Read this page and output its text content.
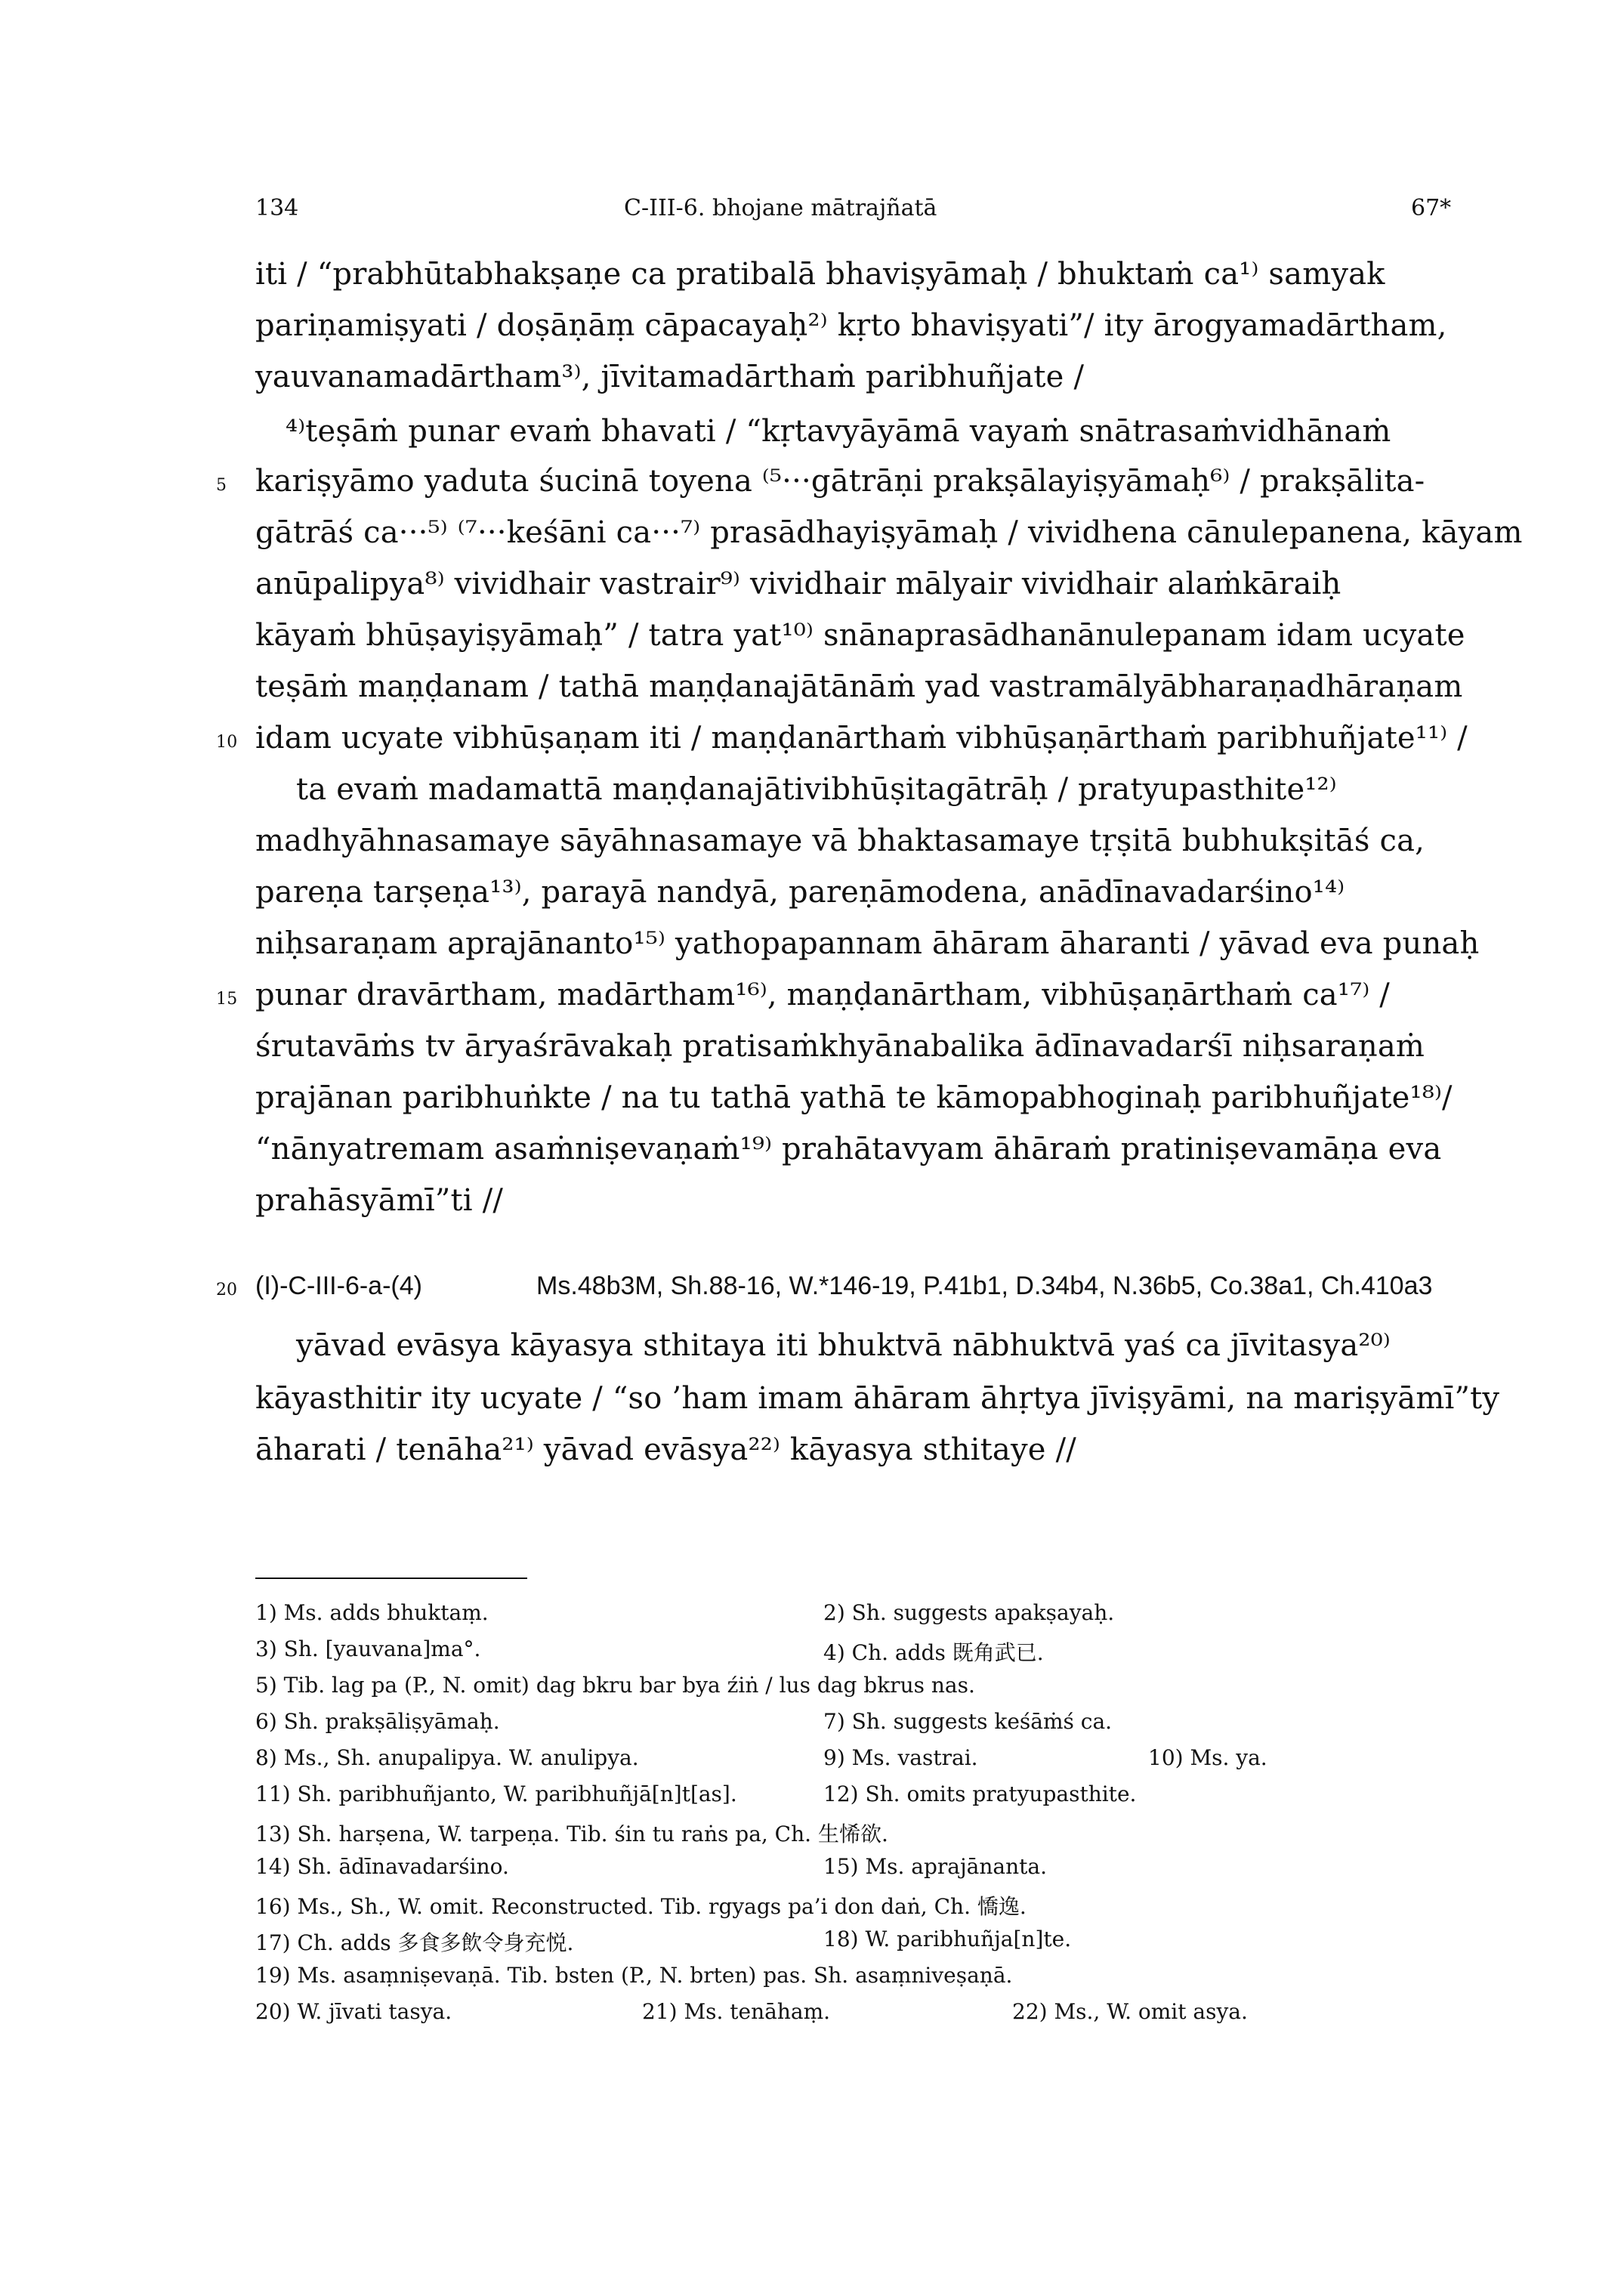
134	C-III-6. bhojane mātrajñatā	67*
iti / “prabhūtabhakṣaṇe ca pratibalā bhaviṣyāmaḥ / bhuktaṁ ca¹⁾ samyak
pariṇamiṣyati / doṣāṇāṃ cāpacayaḥ²⁾ kṛto bhaviṣyati”/ ity ārogyamadārtham,
yauvanamadārtham³⁾, jīvitamadārthaṁ paribhuñjate /
⁴⁾teṣāṁ punar evaṁ bhavati / “kṛtavyāyāmā vayaṁ snātrasaṁvidhānaṁ
5 kariṣyāmo yaduta śucinā toyena ⁽⁵···gātrāṇi prakṣālayiṣyāmaḥ⁶⁾ / prakṣālita-
gātrāś ca···⁵⁾ ⁽⁷···keśāni ca···⁷⁾ prasādhayiṣyāmaḥ / vividhena cānulepanena, kāyam
anūpalipya⁸⁾ vividhair vastrair⁹⁾ vividhair mālyair vividhair alaṁkāraiḥ
kāyaṁ bhūṣayiṣyāmaḥ” / tatra yat¹⁰⁾ snānaprasādhanānulepanam idam ucyate
teṣāṁ maṇḍanam / tathā maṇḍanajātānāṁ yad vastramālyābharaṇadhāraṇam
10 idam ucyate vibhūṣaṇam iti / maṇḍanārthaṁ vibhūṣaṇārthaṁ paribhuñjate¹¹⁾ /
ta evaṁ madamattā maṇḍanajātivibhūṣitagātrāḥ / pratyupasthite¹²⁾
madhyāhnasamaye sāyāhnasamaye vā bhaktasamaye tṛṣitā bubhukṣitāś ca,
pareṇa tarṣeṇa¹³⁾, parayā nandyā, pareṇāmodena, anādīnavadarśino¹⁴⁾
niḥsaraṇam aprajānanto¹⁵⁾ yathopapannam āhāram āharanti / yāvad eva punaḥ
15 punar dravārtham, madārtham¹⁶⁾, maṇḍanārtham, vibhūṣaṇārthaṁ ca¹⁷⁾ /
śrutavāṁs tv āryaśrāvakaḥ pratisaṁkhyānabalika ādīnavadarśī niḥsaraṇaṁ
prajānan paribhuṅkte / na tu tathā yathā te kāmopabhoginaḥ paribhuñjate¹⁸⁾/
“nānyatremam asaṁniṣevaṇaṁ¹⁹⁾ prahātavyam āhāraṁ pratiniṣevamāṇa eva
prahāsyāmī”ti //
20 (I)-C-III-6-a-(4)	Ms.48b3M, Sh.88-16, W.*146-19, P.41b1, D.34b4, N.36b5, Co.38a1, Ch.410a3
yāvad evāsya kāyasya sthitaya iti bhuktvā nābhuktvā yaś ca jīvitasya²⁰⁾
kāyasthitir ity ucyate / “so ’ham imam āhāram āhṛtya jīviṣyāmi, na mariṣyāmī”ty
āharati / tenāha²¹⁾ yāvad evāsya²²⁾ kāyasya sthitaye //
1) Ms. adds bhuktaṃ.	2) Sh. suggests apakṣayaḥ.
3) Sh. [yauvana]ma°.	4) Ch. adds 既角武已.
5) Tib. lag pa (P., N. omit) dag bkru bar bya źiṅ / lus dag bkrus nas.
6) Sh. prakṣāliṣyāmaḥ.	7) Sh. suggests keśāṁś ca.
8) Ms., Sh. anupalipya. W. anulipya.	9) Ms. vastrai.	10) Ms. ya.
11) Sh. paribhuñjanto, W. paribhuñjā[n]t[as].	12) Sh. omits pratyupasthite.
13) Sh. harṣena, W. tarpeṇa. Tib. śin tu raṅs pa, Ch. 生悕欲.
14) Sh. ādīnavadarśino.	15) Ms. aprajānanta.
16) Ms., Sh., W. omit. Reconstructed. Tib. rgyags pa’i don daṅ, Ch. 憍逸.
17) Ch. adds 多食多飲令身充悦.	18) W. paribhuñja[n]te.
19) Ms. asaṃniṣevaṇā. Tib. bsten (P., N. brten) pas. Sh. asaṃniveṣaṇā.
20) W. jīvati tasya.	21) Ms. tenāhaṃ.	22) Ms., W. omit asya.
